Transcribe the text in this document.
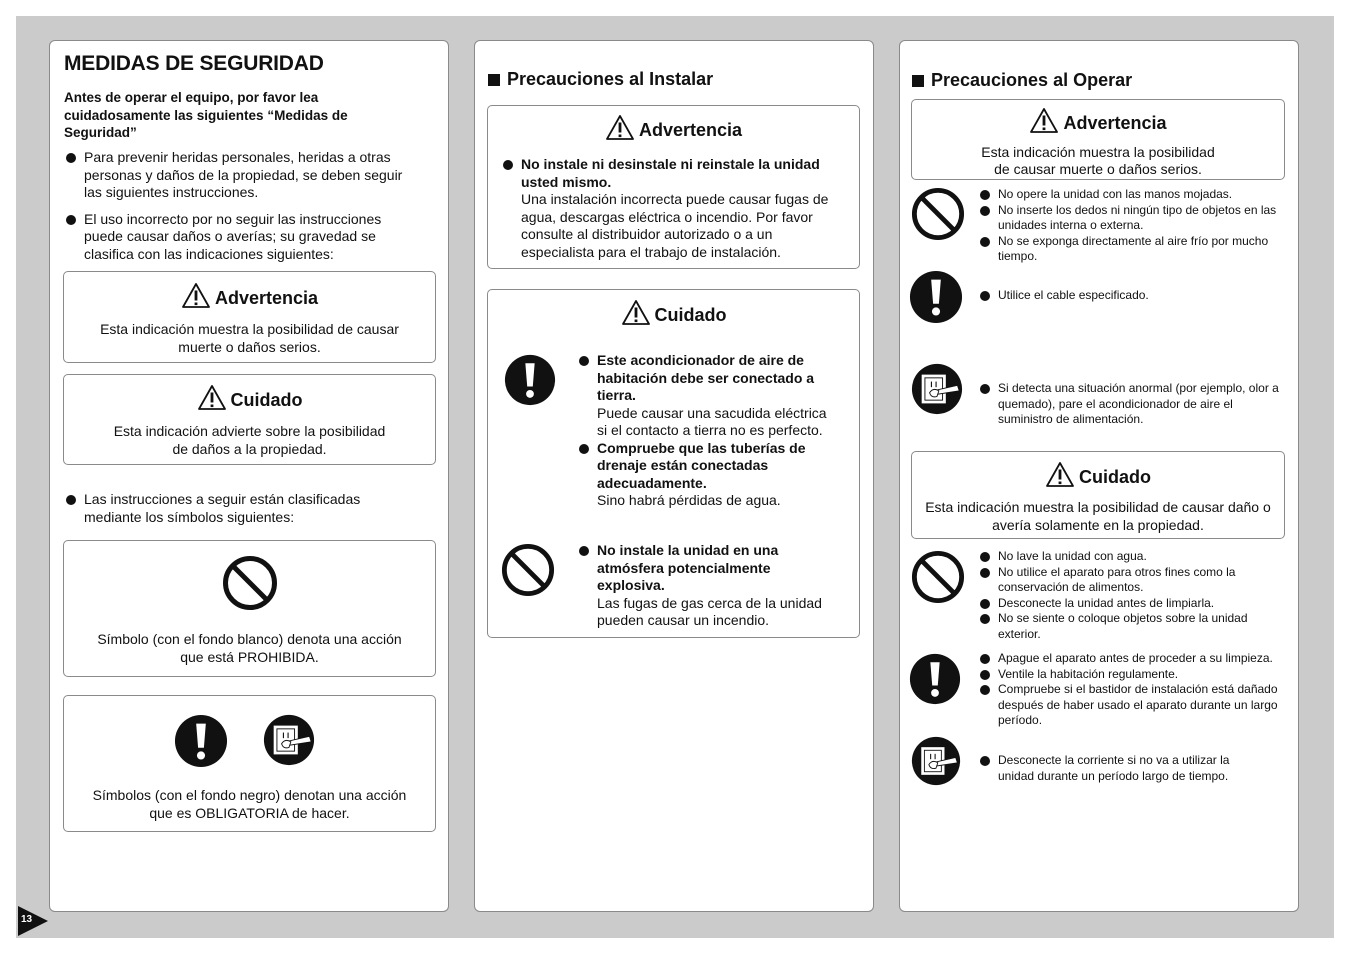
MEDIDAS DE SEGURIDAD
Antes de operar el equipo, por favor lea cuidadosamente las siguientes “Medidas de Seguridad”
Para prevenir heridas personales, heridas a otras personas y daños de la propiedad, se deben seguir las siguientes instrucciones.
El uso incorrecto por no seguir las instrucciones puede causar daños o averías; su gravedad se clasifica con las indicaciones siguientes:
Advertencia
Esta indicación muestra la posibilidad de causar muerte o daños serios.
Cuidado
Esta indicación advierte sobre la posibilidad
de daños a la propiedad.
Las instrucciones a seguir están clasificadas mediante los símbolos siguientes:
Símbolo (con el fondo blanco) denota una acción que está PROHIBIDA.
Símbolos (con el fondo negro) denotan una acción que es OBLIGATORIA de hacer.
Precauciones al Instalar
Advertencia
No instale ni desinstale ni reinstale la unidad usted mismo.
Una instalación incorrecta puede causar fugas de agua, descargas eléctrica o incendio. Por favor consulte al distribuidor autorizado o a un especialista para el trabajo de instalación.
Cuidado
Este acondicionador de aire de habitación debe ser conectado a tierra.
Puede causar una sacudida eléctrica si el contacto a tierra no es perfecto.
Compruebe que las tuberías de drenaje están conectadas adecuadamente.
Sino habrá pérdidas de agua.
No instale la unidad en una atmósfera potencialmente explosiva.
Las fugas de gas cerca de la unidad pueden causar un incendio.
Precauciones al Operar
Advertencia
Esta indicación muestra la posibilidad
de causar muerte o daños serios.
No opere la unidad con las manos mojadas.
No inserte los dedos ni ningún tipo de objetos en las unidades interna o externa.
No se exponga directamente al aire frío por mucho tiempo.
Utilice el cable especificado.
Si detecta una situación anormal (por ejemplo, olor a quemado), pare el acondicionador de aire el suministro de alimentación.
Cuidado
Esta indicación muestra la posibilidad de causar daño o avería solamente en la propiedad.
No lave la unidad con agua.
No utilice el aparato para otros fines como la conservación de alimentos.
Desconecte la unidad antes de limpiarla.
No se siente o coloque objetos sobre la unidad exterior.
Apague el aparato antes de proceder a su limpieza.
Ventile la habitación regulamente.
Compruebe si el bastidor de instalación está dañado después de haber usado el aparato durante un largo período.
Desconecte la corriente si no va a utilizar la unidad durante un período largo de tiempo.
13
